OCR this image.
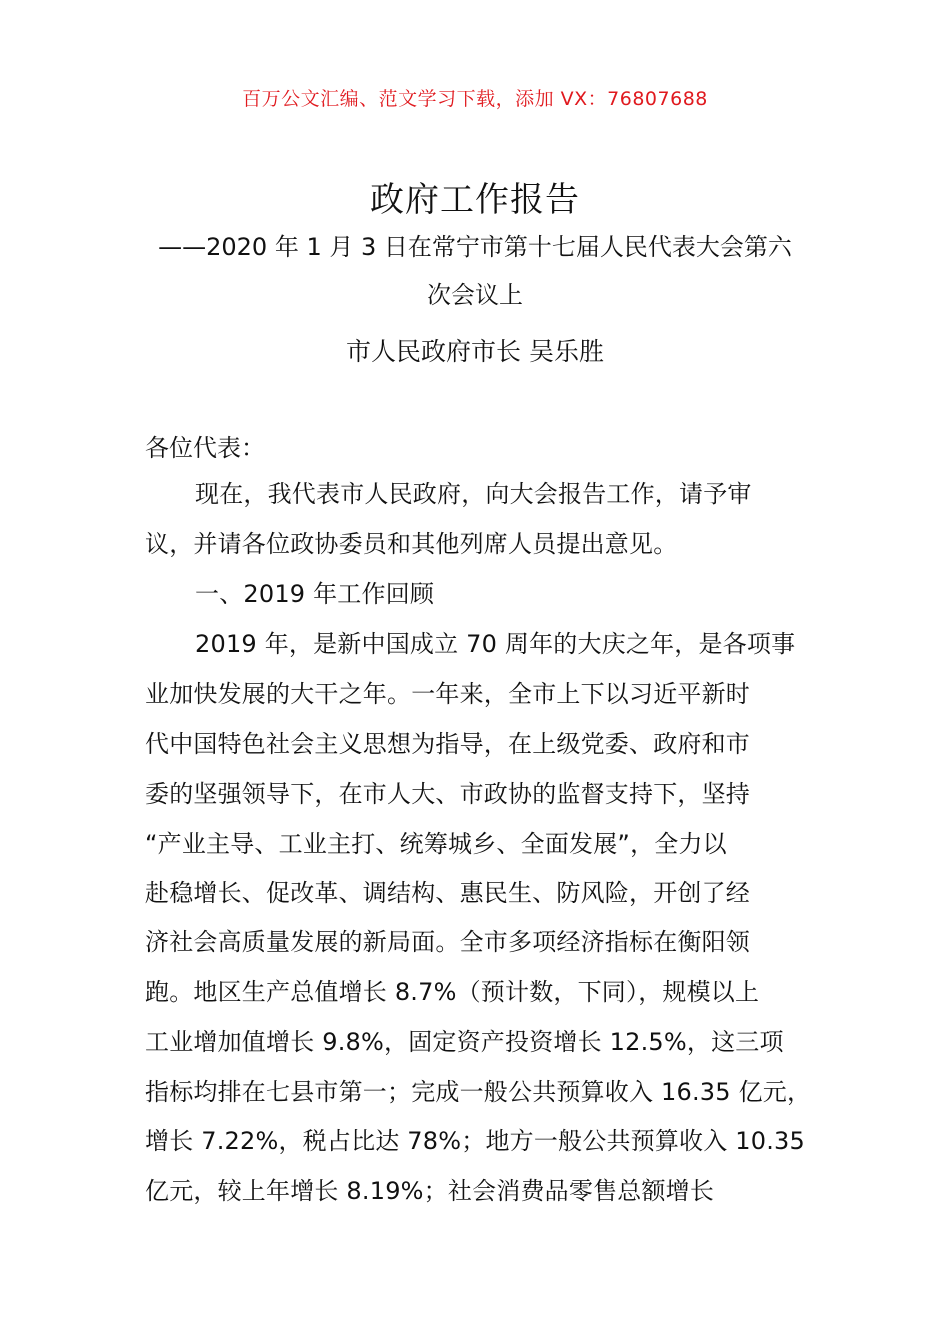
百万公文汇编、范文学习下载，添加 VX：76807688
政府工作报告
——2020 年 1 月 3 日在常宁市第十七届人民代表大会第六
次会议上
市人民政府市长 吴乐胜
各位代表：
现在，我代表市人民政府，向大会报告工作，请予审
议，并请各位政协委员和其他列席人员提出意见。
一、2019 年工作回顾
2019 年，是新中国成立 70 周年的大庆之年，是各项事
业加快发展的大干之年。一年来，全市上下以习近平新时
代中国特色社会主义思想为指导，在上级党委、政府和市
委的坚强领导下，在市人大、市政协的监督支持下，坚持
“产业主导、工业主打、统筹城乡、全面发展”，全力以
赴稳增长、促改革、调结构、惠民生、防风险，开创了经
济社会高质量发展的新局面。全市多项经济指标在衡阳领
跑。地区生产总值增长 8.7%（预计数，下同），规模以上
工业增加值增长 9.8%，固定资产投资增长 12.5%，这三项
指标均排在七县市第一；完成一般公共预算收入 16.35 亿元，
增长 7.22%，税占比达 78%；地方一般公共预算收入 10.35
亿元，较上年增长 8.19%；社会消费品零售总额增长
